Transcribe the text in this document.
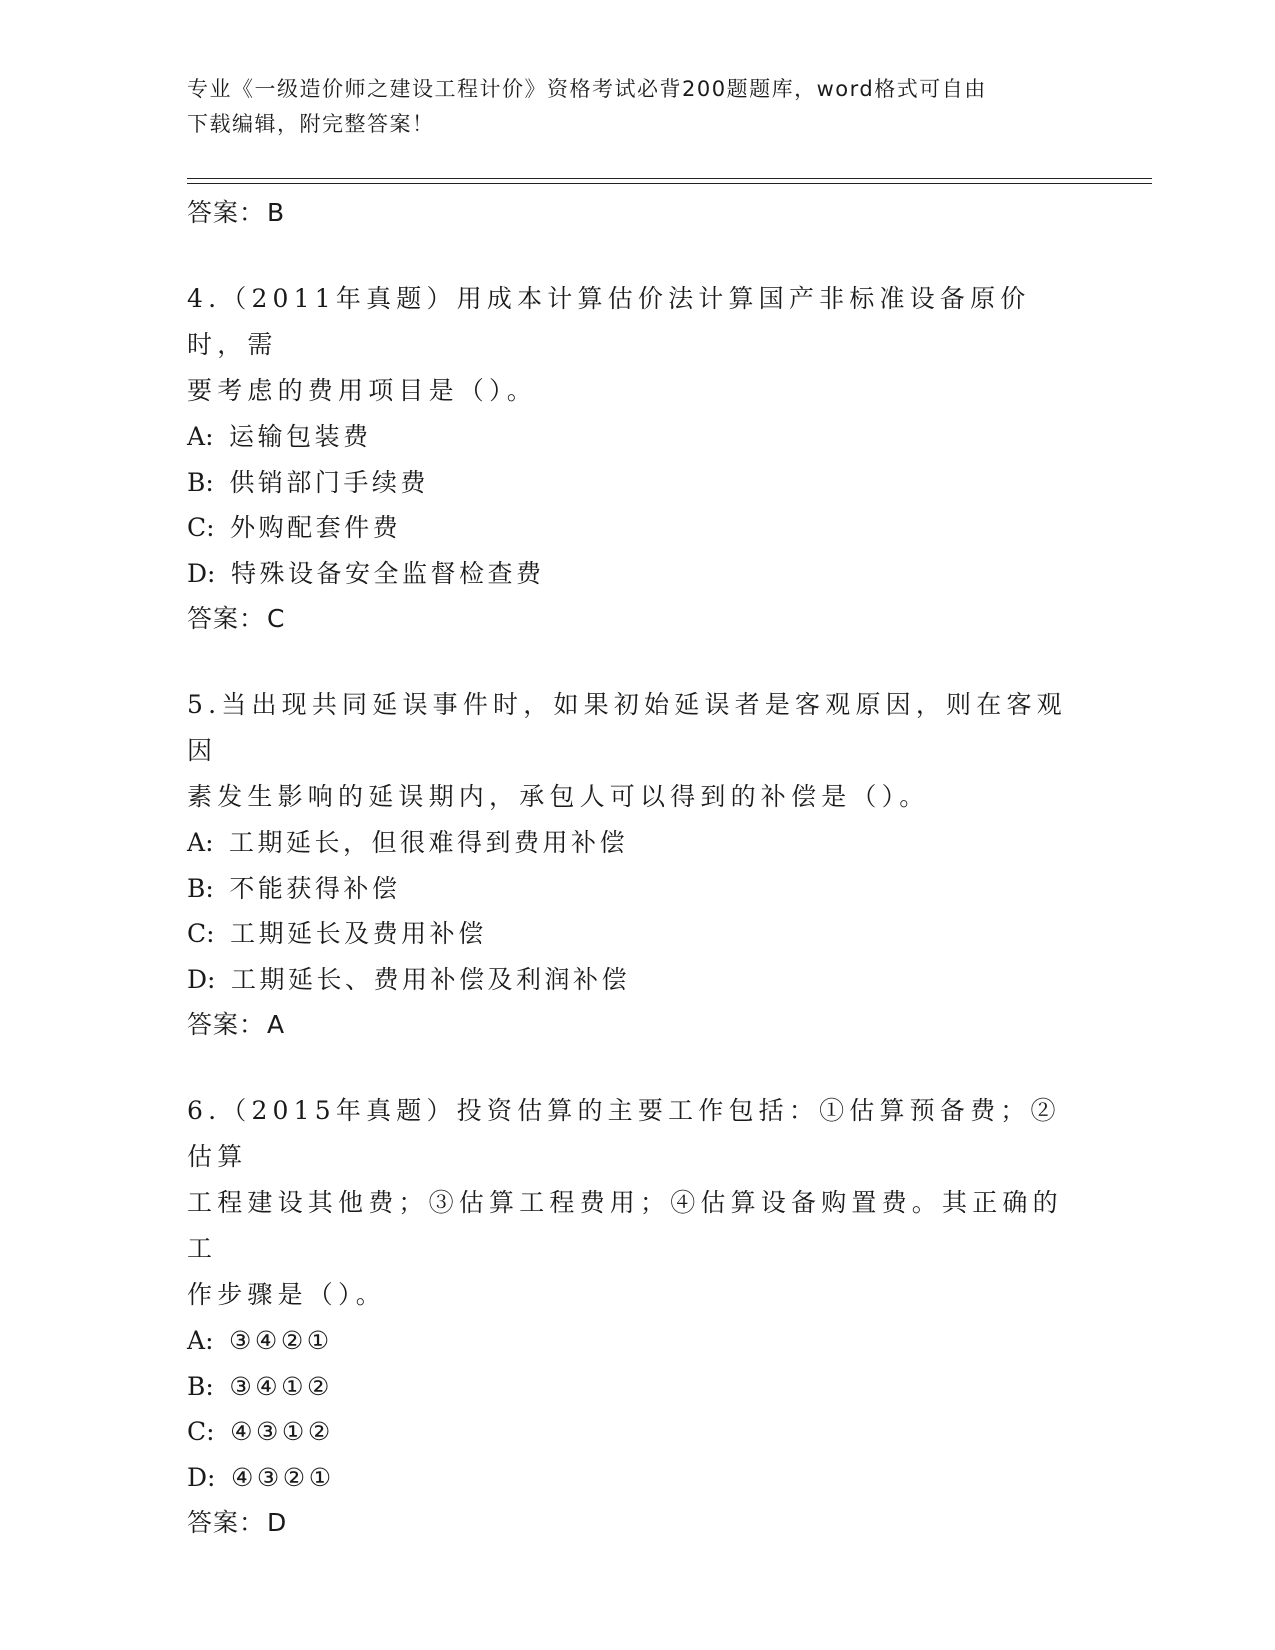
专业《一级造价师之建设工程计价》资格考试必背200题题库，word格式可自由
下载编辑，附完整答案！
答案：B
4.（2011年真题）用成本计算估价法计算国产非标准设备原价时，需
要考虑的费用项目是（）。
A: 运输包装费
B: 供销部门手续费
C: 外购配套件费
D: 特殊设备安全监督检查费
答案：C
5.当出现共同延误事件时，如果初始延误者是客观原因，则在客观因
素发生影响的延误期内，承包人可以得到的补偿是（）。
A: 工期延长，但很难得到费用补偿
B: 不能获得补偿
C: 工期延长及费用补偿
D: 工期延长、费用补偿及利润补偿
答案：A
6.（2015年真题）投资估算的主要工作包括：①估算预备费；②估算
工程建设其他费；③估算工程费用；④估算设备购置费。其正确的工
作步骤是（）。
A: ③④②①
B: ③④①②
C: ④③①②
D: ④③②①
答案：D
